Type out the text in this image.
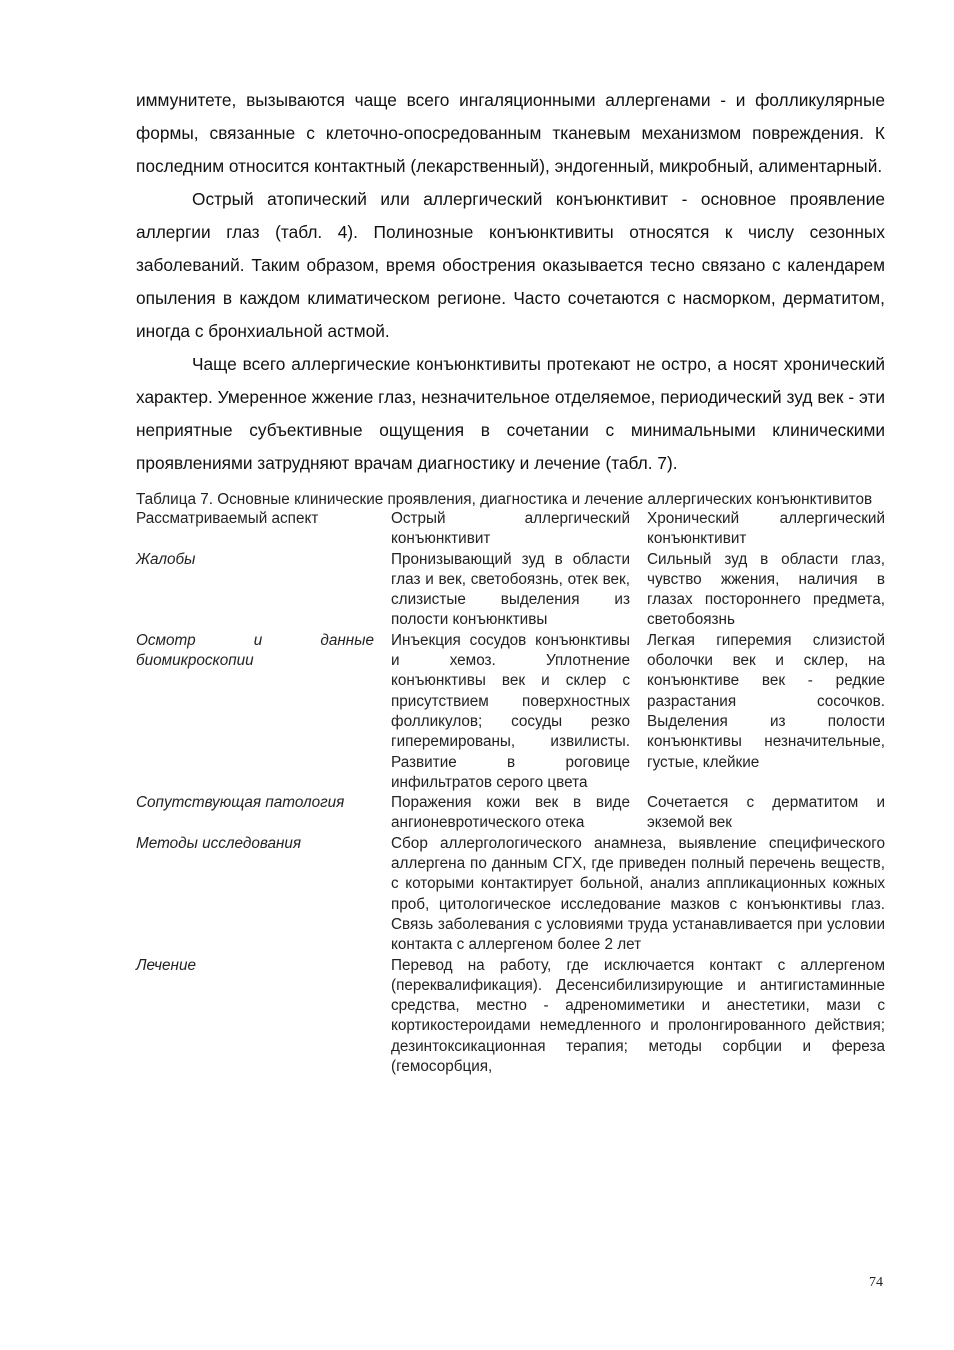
иммунитете, вызываются чаще всего ингаляционными аллергенами - и фолликулярные формы, связанные с клеточно-опосредованным тканевым механизмом повреждения. К последним относится контактный (лекарственный), эндогенный, микробный, алиментарный.

Острый атопический или аллергический конъюнктивит - основное проявление аллергии глаз (табл. 4). Полинозные конъюнктивиты относятся к числу сезонных заболеваний. Таким образом, время обострения оказывается тесно связано с календарем опыления в каждом климатическом регионе. Часто сочетаются с насморком, дерматитом, иногда с бронхиальной астмой.

Чаще всего аллергические конъюнктивиты протекают не остро, а носят хронический характер. Умеренное жжение глаз, незначительное отделяемое, периодический зуд век - эти неприятные субъективные ощущения в сочетании с минимальными клиническими проявлениями затрудняют врачам диагностику и лечение (табл. 7).

Таблица 7. Основные клинические проявления, диагностика и лечение аллергических конъюнктивитов

Рассматриваемый аспект	Острый аллергический конъюнктивит	Хронический аллергический конъюнктивит
Жалобы	Пронизывающий зуд в области глаз и век, светобоязнь, отек век, слизистые выделения из полости конъюнктивы	Сильный зуд в области глаз, чувство жжения, наличия в глазах постороннего предмета, светобоязнь
Осмотр и данные биомикроскопии	Инъекция сосудов конъюнктивы и хемоз. Уплотнение конъюнктивы век и склер с присутствием поверхностных фолликулов; сосуды резко гиперемированы, извилисты. Развитие в роговице инфильтратов серого цвета	Легкая гиперемия слизистой оболочки век и склер, на конъюнктиве век - редкие разрастания сосочков. Выделения из полости конъюнктивы незначительные, густые, клейкие
Сопутствующая патология	Поражения кожи век в виде ангионевротического отека	Сочетается с дерматитом и экземой век
Методы исследования	Сбор аллергологического анамнеза, выявление специфического аллергена по данным СГХ, где приведен полный перечень веществ, с которыми контактирует больной, анализ аппликационных кожных проб, цитологическое исследование мазков с конъюнктивы глаз. Связь заболевания с условиями труда устанавливается при условии контакта с аллергеном более 2 лет	
Лечение	Перевод на работу, где исключается контакт с аллергеном (переквалификация). Десенсибилизирующие и антигистаминные средства, местно - адреномиметики и анестетики, мази с кортикостероидами немедленного и пролонгированного действия; дезинтоксикационная терапия; методы сорбции и фереза (гемосорбция,	
74
